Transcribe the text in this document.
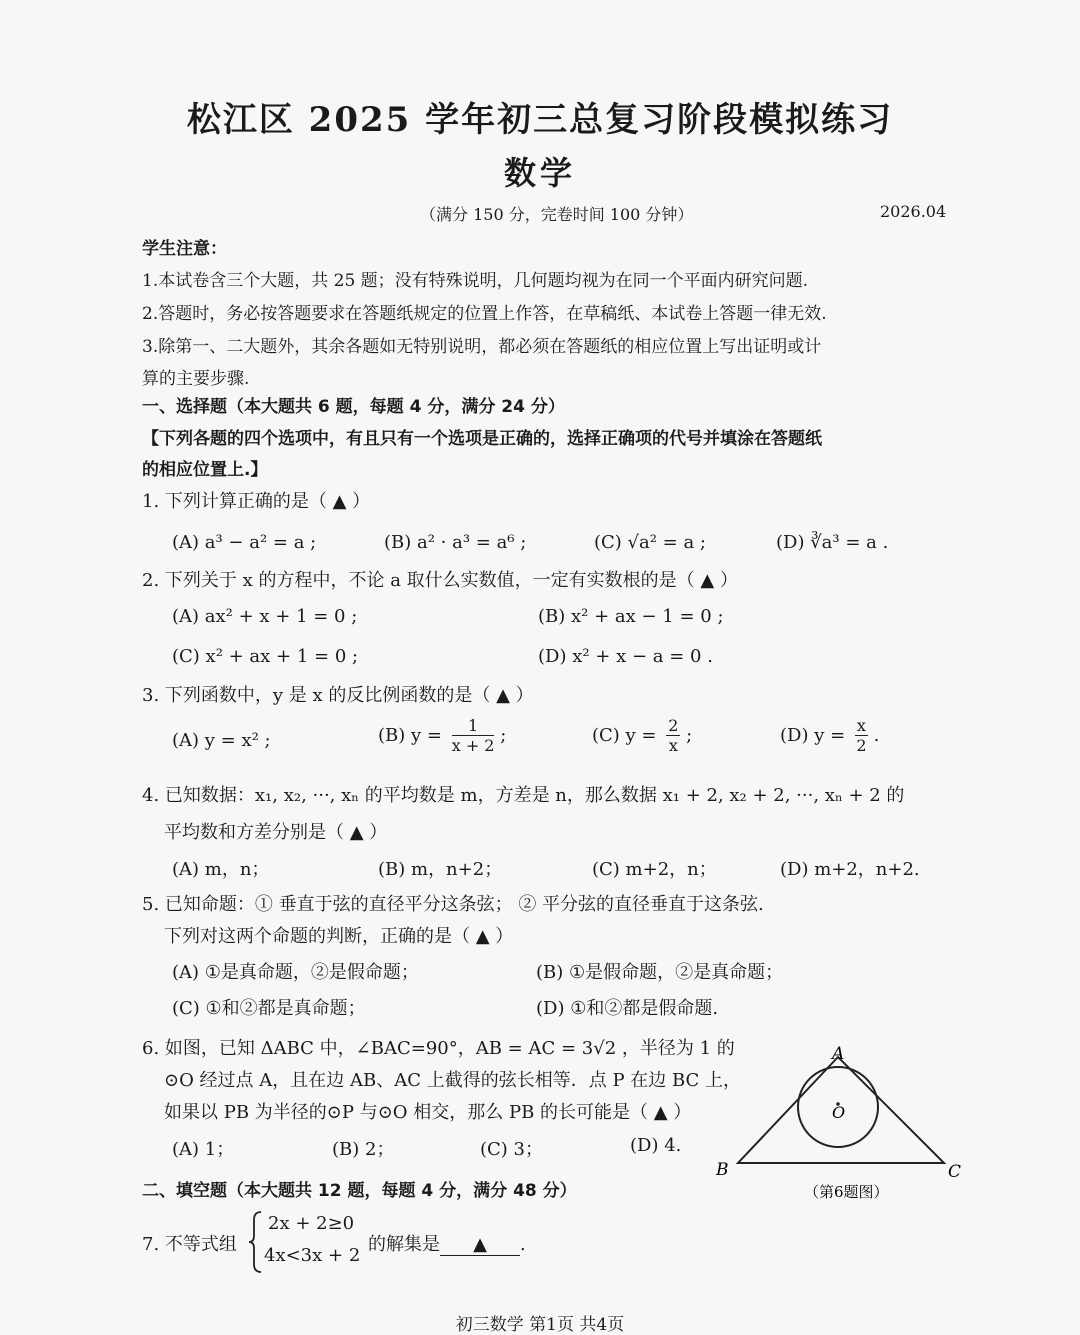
松江区 2025 学年初三总复习阶段模拟练习
数学
（满分 150 分，完卷时间 100 分钟）	2026.04
学生注意：
1.本试卷含三个大题，共 25 题；没有特殊说明，几何题均视为在同一个平面内研究问题.
2.答题时，务必按答题要求在答题纸规定的位置上作答，在草稿纸、本试卷上答题一律无效.
3.除第一、二大题外，其余各题如无特别说明，都必须在答题纸的相应位置上写出证明或计
算的主要步骤.
一、选择题（本大题共 6 题，每题 4 分，满分 24 分）
【下列各题的四个选项中，有且只有一个选项是正确的，选择正确项的代号并填涂在答题纸
的相应位置上.】
1. 下列计算正确的是（ ▲ ）
(A) a³ − a² = a ;	(B) a² · a³ = a⁶ ;	(C) √a² = a ;	(D) ∛a³ = a .
2. 下列关于 x 的方程中，不论 a 取什么实数值，一定有实数根的是（ ▲ ）
(A) ax² + x + 1 = 0 ;	(B) x² + ax − 1 = 0 ;
(C) x² + ax + 1 = 0 ;	(D) x² + x − a = 0 .
3. 下列函数中，y 是 x 的反比例函数的是（ ▲ ）
(A) y = x² ;	(B) $y = \frac{1}{x + 2}$ ;	(C) $y = \frac{2}{x}$ ;	(D) $y = \frac{x}{2}$ .
4. 已知数据：x₁, x₂, ···, xₙ 的平均数是 m，方差是 n，那么数据 x₁ + 2, x₂ + 2, ···, xₙ + 2 的
平均数和方差分别是（ ▲ ）
(A) m，n；	(B) m，n+2；	(C) m+2，n；	(D) m+2，n+2.
5. 已知命题：① 垂直于弦的直径平分这条弦； ② 平分弦的直径垂直于这条弦.
下列对这两个命题的判断，正确的是（ ▲ ）
(A) ①是真命题，②是假命题；	(B) ①是假命题，②是真命题；
(C) ①和②都是真命题；	(D) ①和②都是假命题.
6. 如图，已知 ΔABC 中，∠BAC=90°，AB = AC = 3√2 ，半径为 1 的
⊙O 经过点 A，且在边 AB、AC 上截得的弦长相等．点 P 在边 BC 上，
如果以 PB 为半径的⊙P 与⊙O 相交，那么 PB 的长可能是（ ▲ ）
(A) 1；	(B) 2；	(C) 3；	(D) 4.
A
B	C
O
（第6题图）
二、填空题（本大题共 12 题，每题 4 分，满分 48 分）
7. 不等式组
2x + 2≥0
4x<3x + 2
的解集是 ▲ .
初三数学 第1页 共4页
